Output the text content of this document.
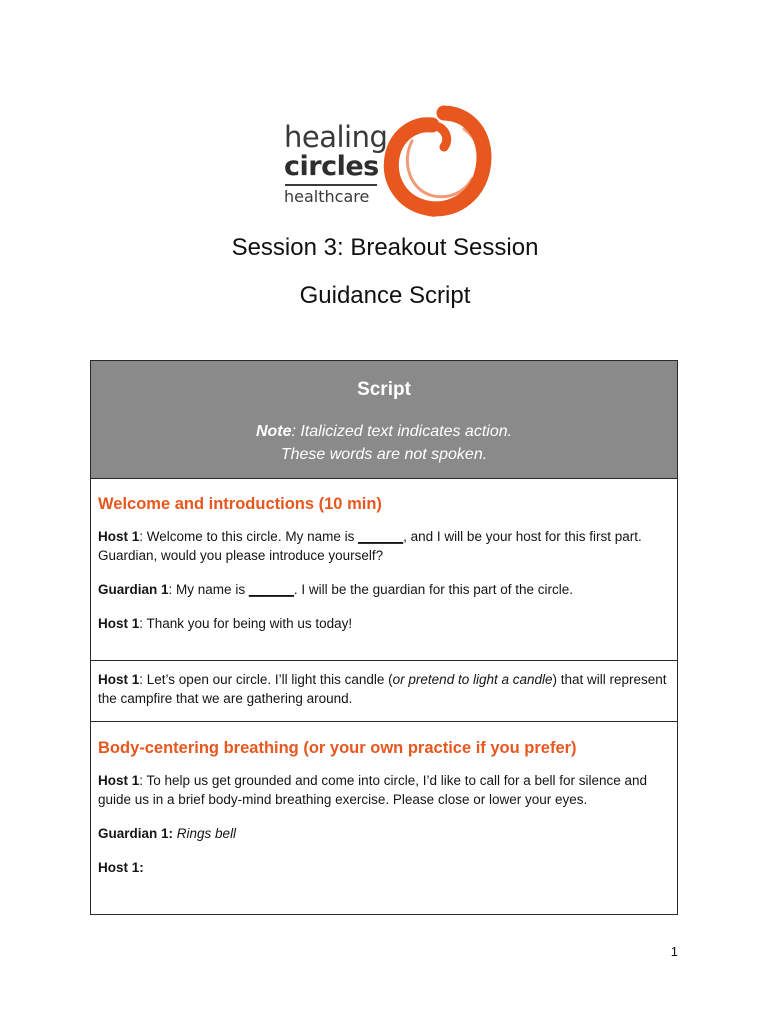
healing
circles
healthcare
Session 3: Breakout Session
Guidance Script
Script
Note: Italicized text indicates action.
These words are not spoken.
Welcome and introductions (10 min)

Host 1: Welcome to this circle. My name is ______, and I will be your host for this first part. Guardian, would you please introduce yourself?

Guardian 1: My name is ______. I will be the guardian for this part of the circle.

Host 1: Thank you for being with us today!

Host 1: Let’s open our circle. I’ll light this candle (or pretend to light a candle) that will represent the campfire that we are gathering around.

Body-centering breathing (or your own practice if you prefer)

Host 1: To help us get grounded and come into circle, I’d like to call for a bell for silence and guide us in a brief body-mind breathing exercise. Please close or lower your eyes.

Guardian 1: Rings bell

Host 1:

1
